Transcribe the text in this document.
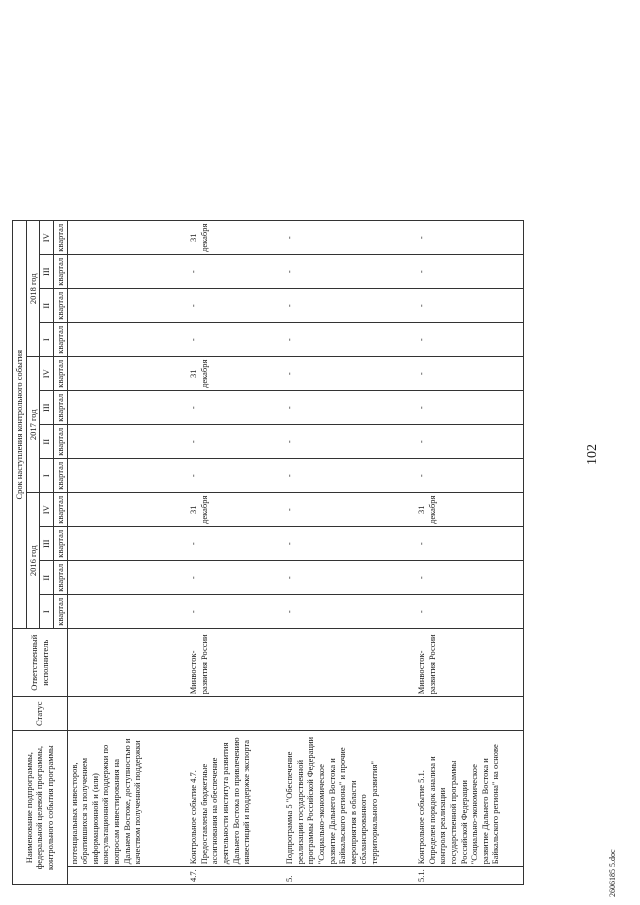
102
Наименование подпрограммы, федеральной целевой программы, контрольного события программы		Статус	Ответственный исполнитель	Срок наступления контрольного события											
				2016 год				2017 год				2018 год			
				I	II	III	IV	I	II	III	IV	I	II	III	IV
				квартал	квартал	квартал	квартал	квартал	квартал	квартал	квартал	квартал	квартал	квартал	квартал
	потенциальных инвесторов, обратившихся за получением информационной и (или) консультационной поддержки по вопросам инвестирования на Дальнем Востоке, доступностью и качеством полученной поддержки														
4.7.	Контрольное событие 4.7. Предоставлены бюджетные ассигнования на обеспечение деятельности института развития Дальнего Востока по привлечению инвестиций и поддержке экспорта		Минвосток-развития России	-	-	-	31 декабря	-	-	-	31 декабря	-	-	-	31 декабря
5.	Подпрограмма 5 "Обеспечение реализации государственной программы Российской Федерации "Социально-экономическое развитие Дальнего Востока и Байкальского региона" и прочие мероприятия в области сбалансированного территориального развития"			-	-	-	-	-	-	-	-	-	-	-	-
5.1.	Контрольное событие 5.1. Определен порядок анализа и контроля реализации государственной программы Российской Федерации "Социально-экономическое развитие Дальнего Востока и Байкальского региона" на основе		Минвосток-развития России	-	-	-	31 декабря	-	-	-	-	-	-	-	-
2606185 5.doc
